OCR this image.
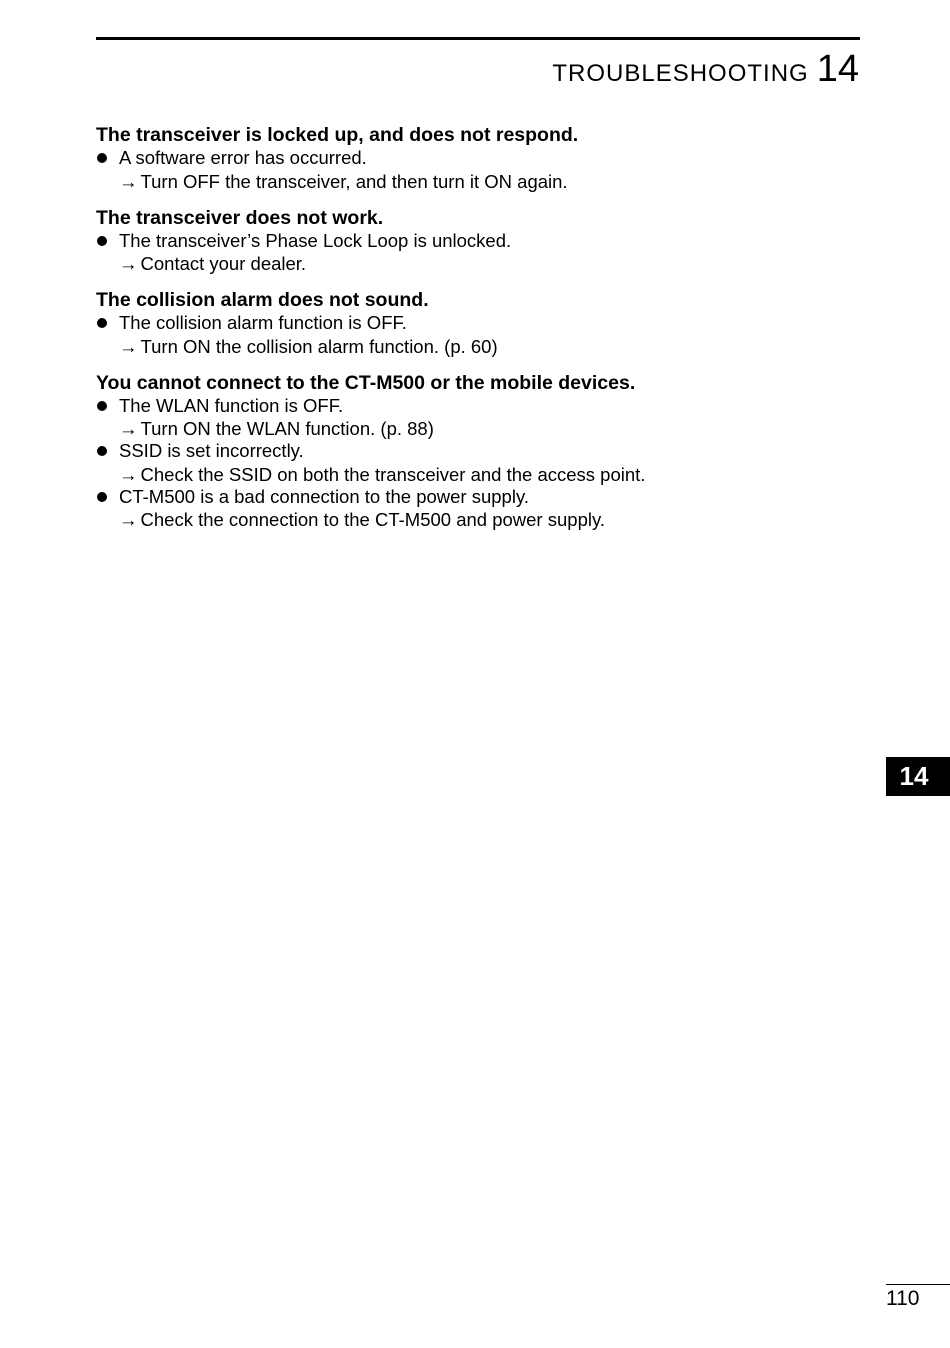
TROUBLESHOOTING 14

The transceiver is locked up, and does not respond.

A software error has occurred.
→ Turn OFF the transceiver, and then turn it ON again.

The transceiver does not work.

The transceiver’s Phase Lock Loop is unlocked.
→ Contact your dealer.

The collision alarm does not sound.

The collision alarm function is OFF.
→ Turn ON the collision alarm function. (p. 60)

You cannot connect to the CT-M500 or the mobile devices.

The WLAN function is OFF.
→ Turn ON the WLAN function. (p. 88)
SSID is set incorrectly.
→ Check the SSID on both the transceiver and the access point.
CT-M500 is a bad connection to the power supply.
→ Check the connection to the CT-M500 and power supply.
14
110
